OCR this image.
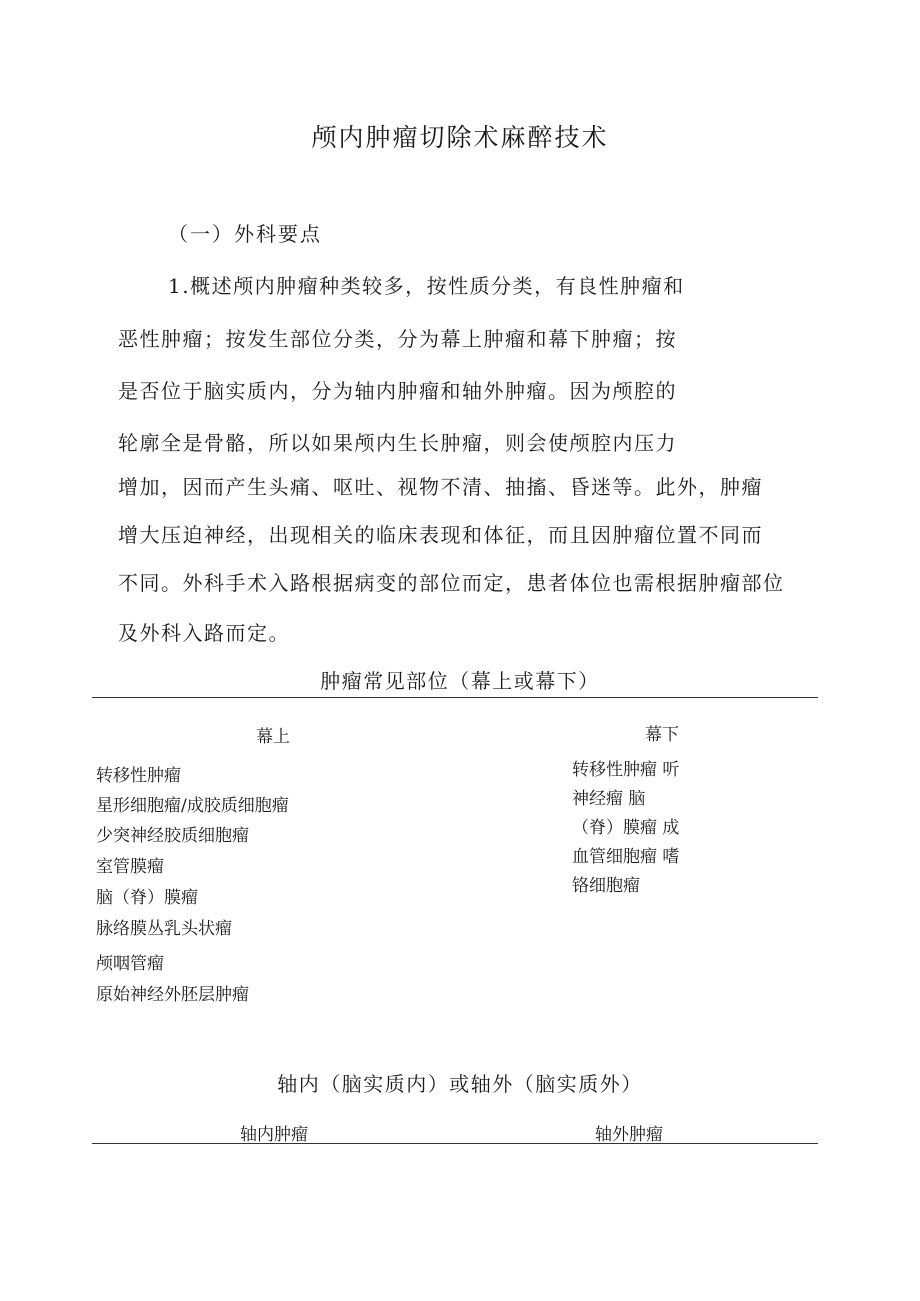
颅内肿瘤切除术麻醉技术
（一）外科要点
1.概述颅内肿瘤种类较多，按性质分类，有良性肿瘤和
恶性肿瘤；按发生部位分类，分为幕上肿瘤和幕下肿瘤；按
是否位于脑实质内，分为轴内肿瘤和轴外肿瘤。因为颅腔的
轮廓全是骨骼，所以如果颅内生长肿瘤，则会使颅腔内压力
增加，因而产生头痛、呕吐、视物不清、抽搐、昏迷等。此外，肿瘤
增大压迫神经，出现相关的临床表现和体征，而且因肿瘤位置不同而
不同。外科手术入路根据病变的部位而定，患者体位也需根据肿瘤部位
及外科入路而定。
肿瘤常见部位（幕上或幕下）
幕上	幕下
转移性肿瘤
星形细胞瘤/成胶质细胞瘤
少突神经胶质细胞瘤
室管膜瘤
脑（脊）膜瘤
脉络膜丛乳头状瘤
颅咽管瘤
原始神经外胚层肿瘤
转移性肿瘤 听
神经瘤 脑
（脊）膜瘤 成
血管细胞瘤 嗜
铬细胞瘤
轴内（脑实质内）或轴外（脑实质外）
轴内肿瘤	轴外肿瘤
